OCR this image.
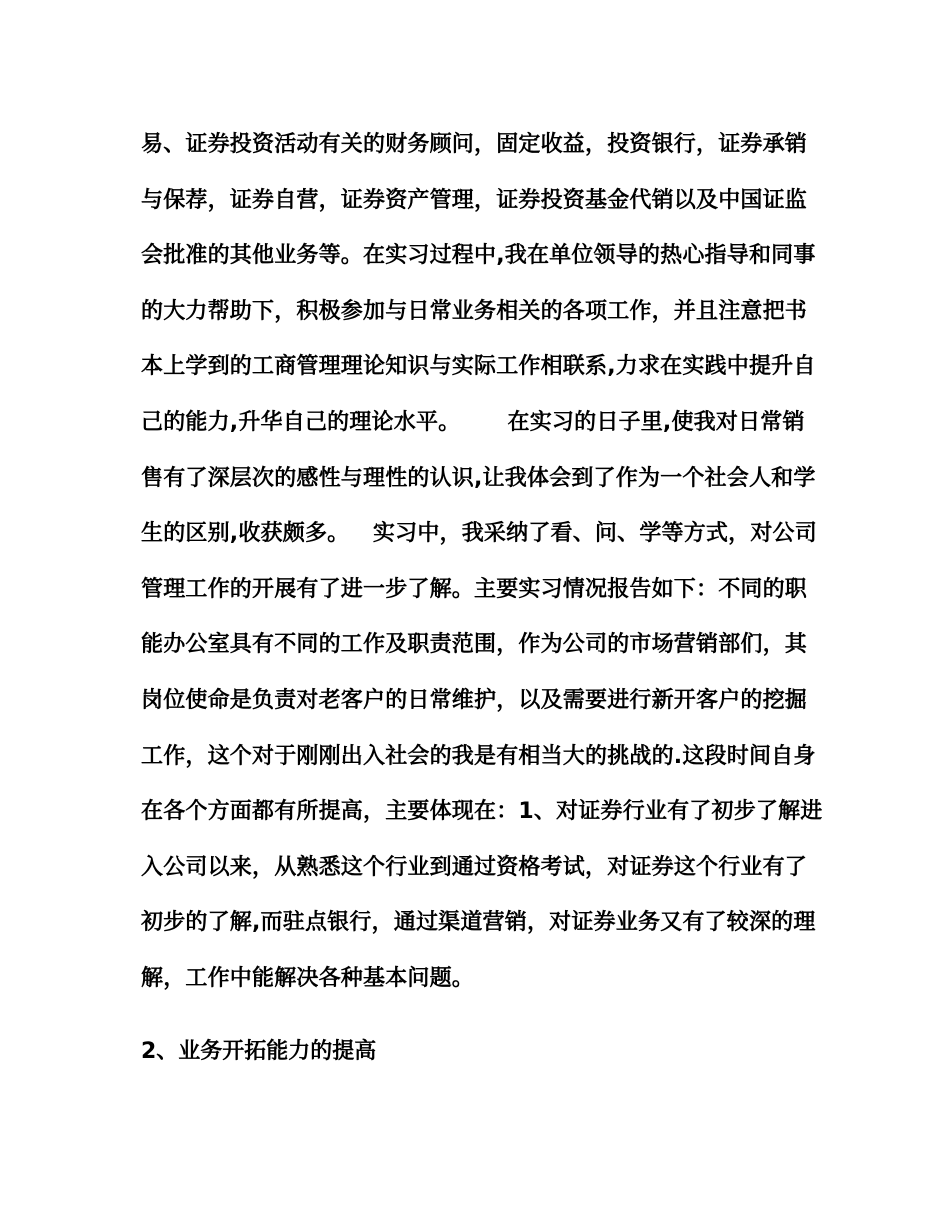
易、证券投资活动有关的财务顾问，固定收益，投资银行，证券承销
与保荐，证券自营，证券资产管理，证券投资基金代销以及中国证监
会批准的其他业务等。在实习过程中,我在单位领导的热心指导和同事
的大力帮助下，积极参加与日常业务相关的各项工作，并且注意把书
本上学到的工商管理理论知识与实际工作相联系,力求在实践中提升自
己的能力,升华自己的理论水平。      在实习的日子里,使我对日常销
售有了深层次的感性与理性的认识,让我体会到了作为一个社会人和学
生的区别,收获颇多。   实习中，我采纳了看、问、学等方式，对公司
管理工作的开展有了进一步了解。主要实习情况报告如下：不同的职
能办公室具有不同的工作及职责范围，作为公司的市场营销部们，其
岗位使命是负责对老客户的日常维护，以及需要进行新开客户的挖掘
工作，这个对于刚刚出入社会的我是有相当大的挑战的.这段时间自身
在各个方面都有所提高，主要体现在：1、对证券行业有了初步了解进
入公司以来，从熟悉这个行业到通过资格考试，对证券这个行业有了
初步的了解,而驻点银行，通过渠道营销，对证券业务又有了较深的理
解，工作中能解决各种基本问题。
2、业务开拓能力的提高
